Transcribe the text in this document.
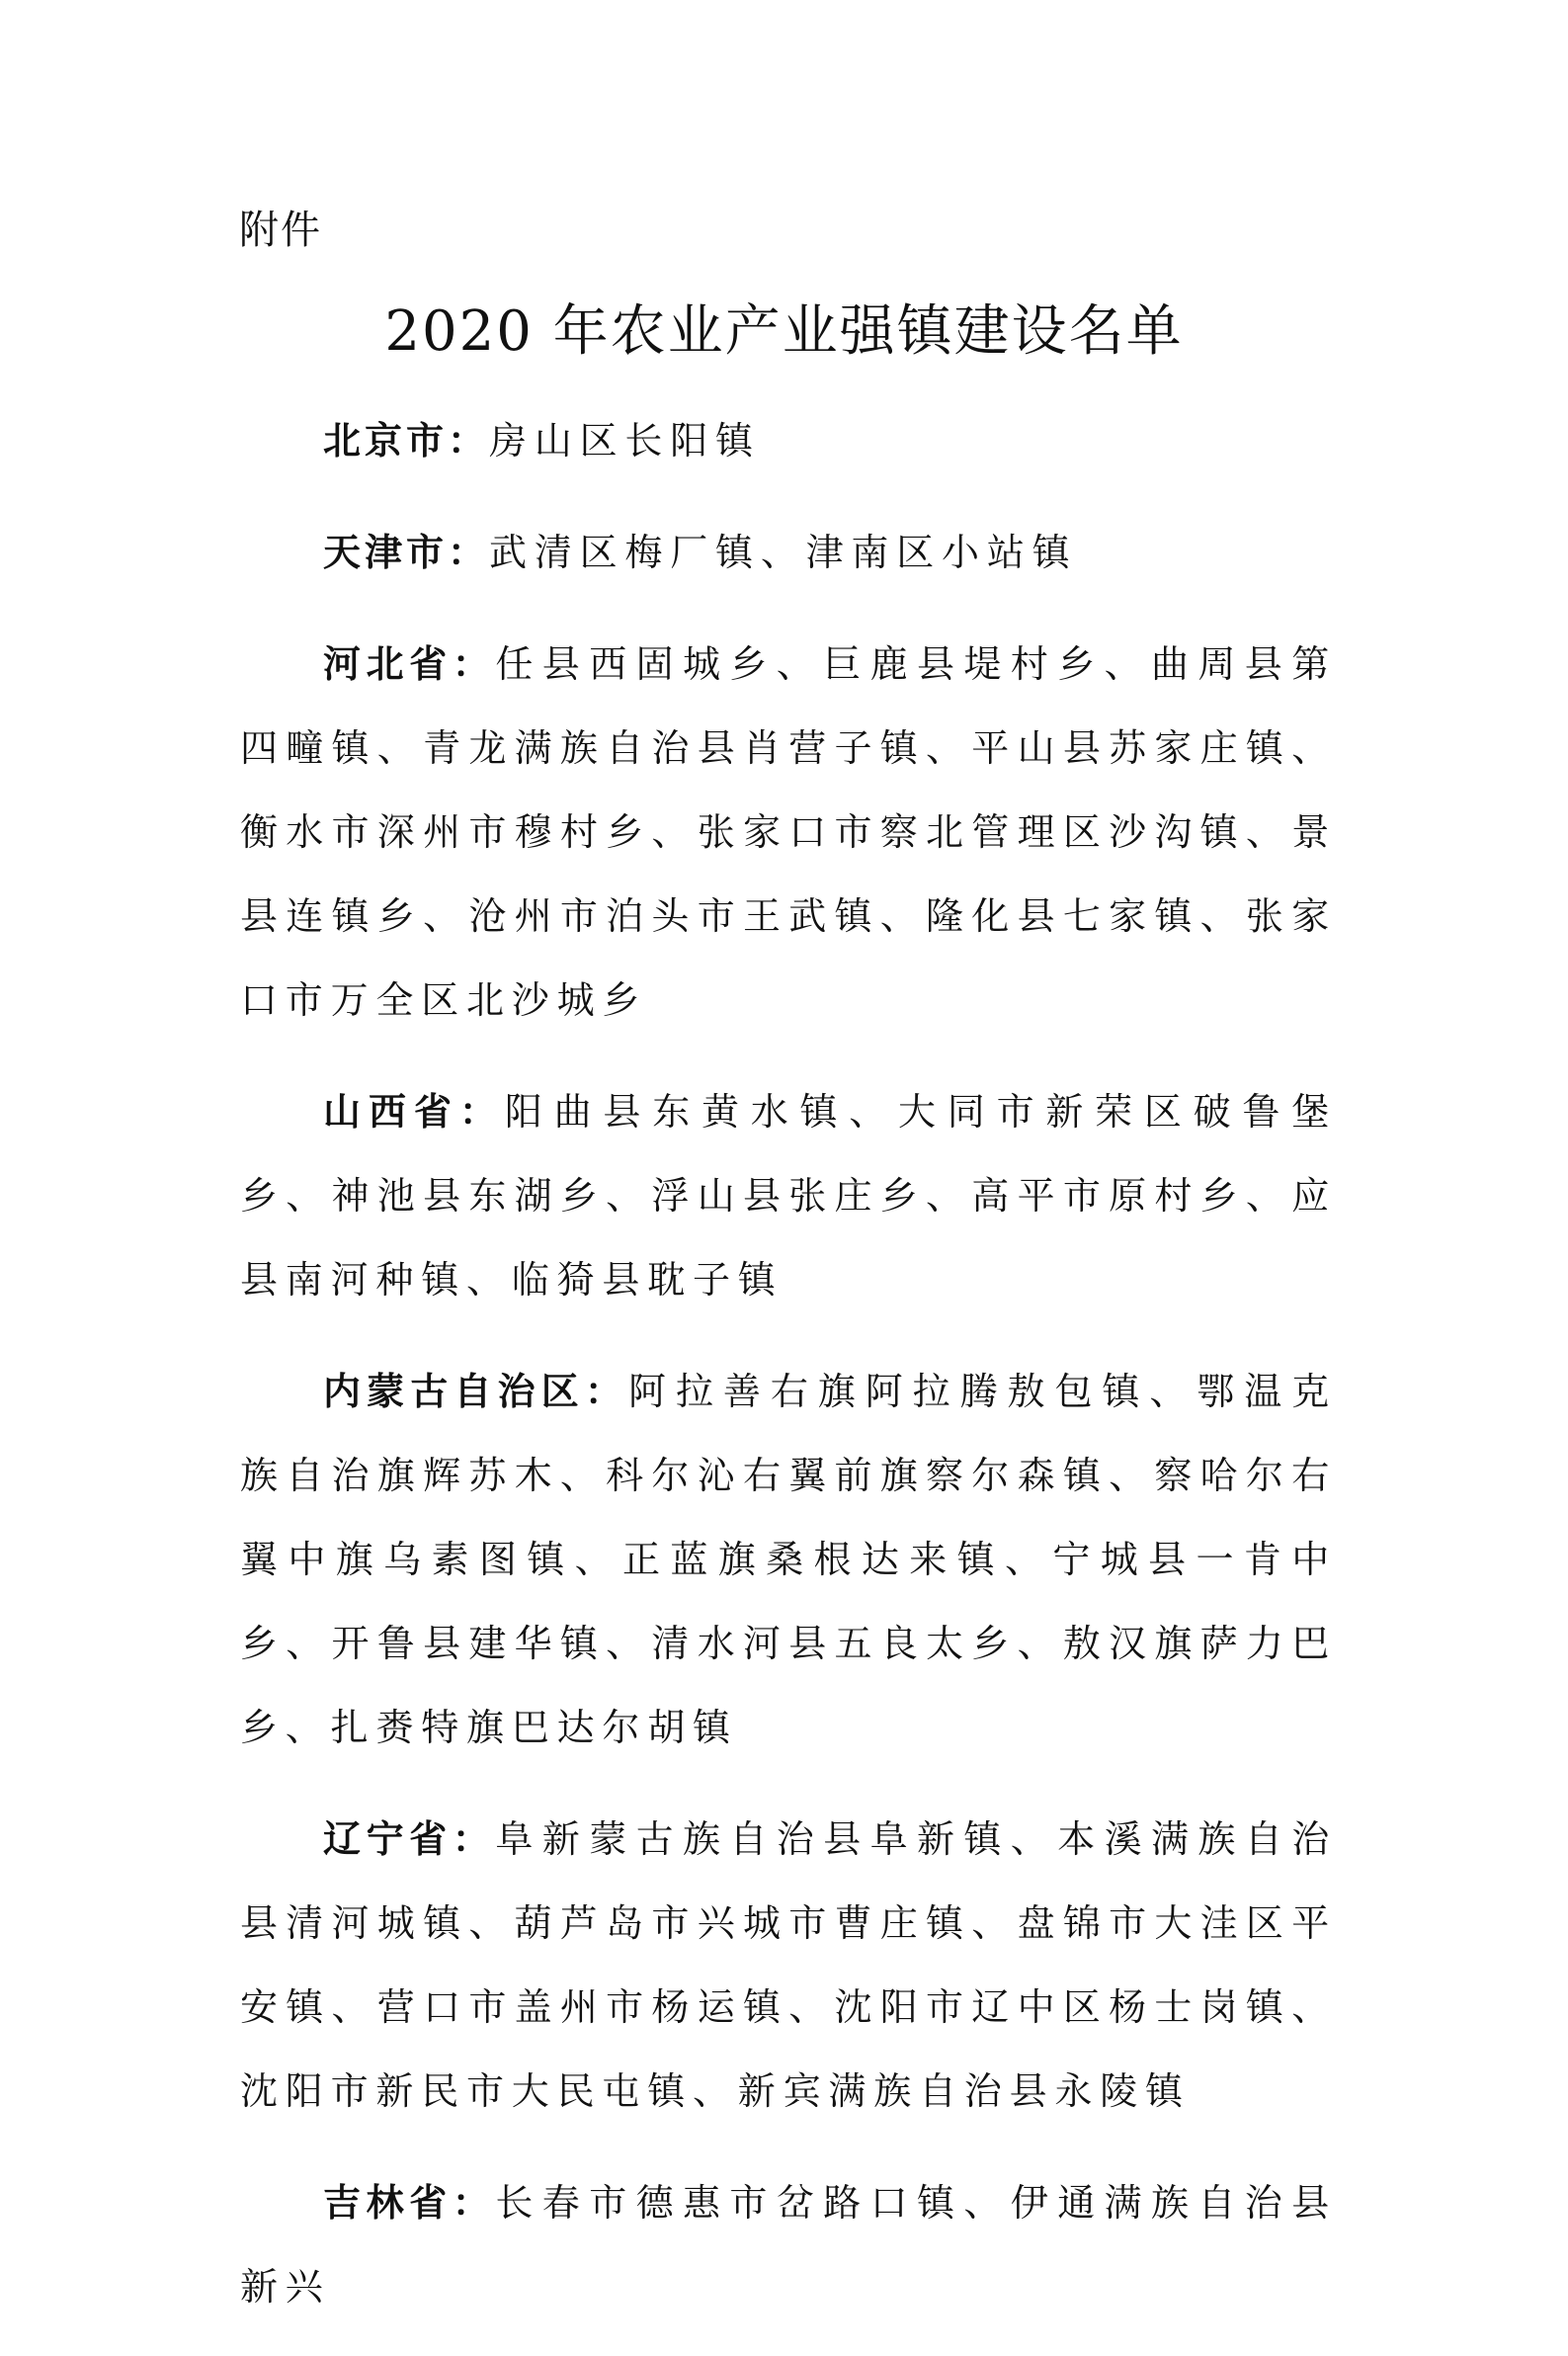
附件
2020 年农业产业强镇建设名单

北京市：房山区长阳镇

天津市：武清区梅厂镇、津南区小站镇

河北省：任县西固城乡、巨鹿县堤村乡、曲周县第四疃镇、青龙满族自治县肖营子镇、平山县苏家庄镇、衡水市深州市穆村乡、张家口市察北管理区沙沟镇、景县连镇乡、沧州市泊头市王武镇、隆化县七家镇、张家口市万全区北沙城乡

山西省：阳曲县东黄水镇、大同市新荣区破鲁堡乡、神池县东湖乡、浮山县张庄乡、高平市原村乡、应县南河种镇、临猗县耽子镇

内蒙古自治区：阿拉善右旗阿拉腾敖包镇、鄂温克族自治旗辉苏木、科尔沁右翼前旗察尔森镇、察哈尔右翼中旗乌素图镇、正蓝旗桑根达来镇、宁城县一肯中乡、开鲁县建华镇、清水河县五良太乡、敖汉旗萨力巴乡、扎赉特旗巴达尔胡镇

辽宁省：阜新蒙古族自治县阜新镇、本溪满族自治县清河城镇、葫芦岛市兴城市曹庄镇、盘锦市大洼区平安镇、营口市盖州市杨运镇、沈阳市辽中区杨士岗镇、沈阳市新民市大民屯镇、新宾满族自治县永陵镇

吉林省：长春市德惠市岔路口镇、伊通满族自治县新兴
